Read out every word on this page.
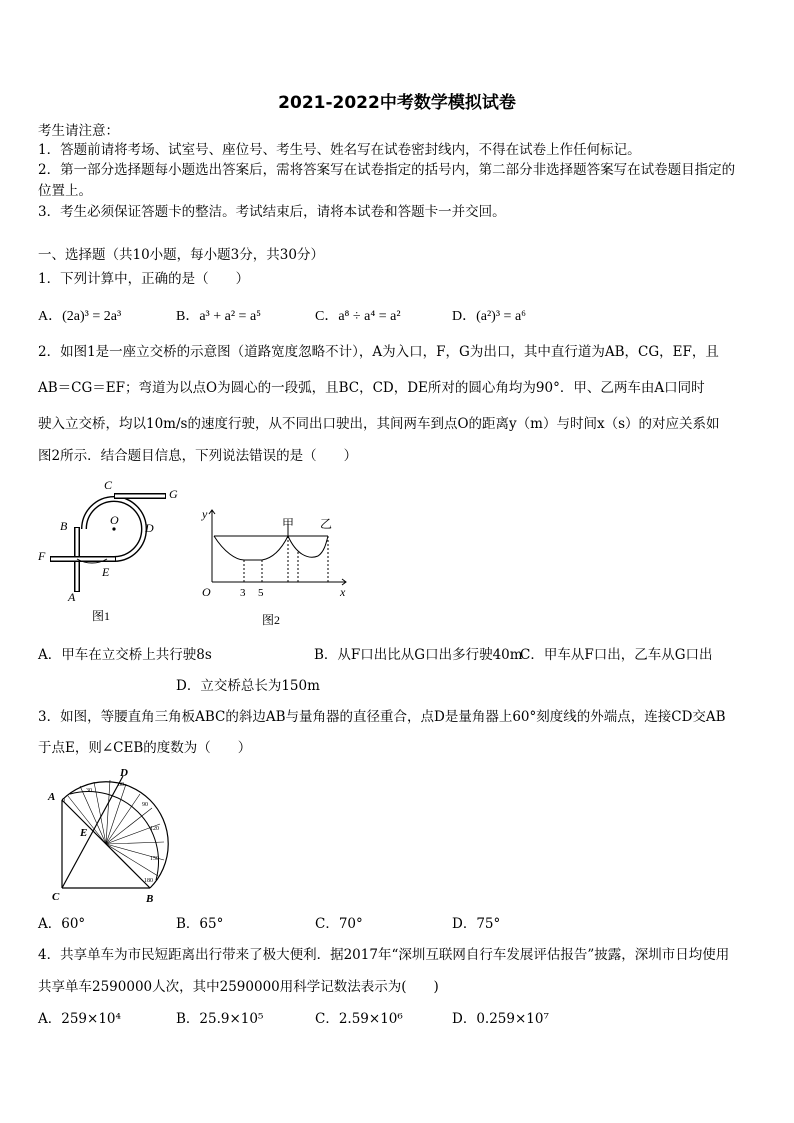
2021-2022中考数学模拟试卷
考生请注意：
1．答题前请将考场、试室号、座位号、考生号、姓名写在试卷密封线内，不得在试卷上作任何标记。
2．第一部分选择题每小题选出答案后，需将答案写在试卷指定的括号内，第二部分非选择题答案写在试卷题目指定的
位置上。
3．考生必须保证答题卡的整洁。考试结束后，请将本试卷和答题卡一并交回。
一、选择题（共10小题，每小题3分，共30分）
1．下列计算中，正确的是（　　）
A．(2a)³ = 2a³	B．a³ + a² = a⁵	C．a⁸ ÷ a⁴ = a²	D．(a²)³ = a⁶
2．如图1是一座立交桥的示意图（道路宽度忽略不计），A为入口，F，G为出口，其中直行道为AB，CG，EF，且
AB＝CG＝EF；弯道为以点O为圆心的一段弧，且BC，CD，DE所对的圆心角均为90°．甲、乙两车由A口同时
驶入立交桥，均以10m/s的速度行驶，从不同出口驶出，其间两车到点O的距离y（m）与时间x（s）的对应关系如
图2所示．结合题目信息，下列说法错误的是（　　）
C
G
O
B	D
F
E
A
图1
y
甲 乙
O	3 5	x
图2
A．甲车在立交桥上共行驶8s	B．从F口出比从G口出多行驶40m
C．甲车从F口出，乙车从G口出
D．立交桥总长为150m
3．如图，等腰直角三角板ABC的斜边AB与量角器的直径重合，点D是量角器上60°刻度线的外端点，连接CD交AB
于点E，则∠CEB的度数为（　　）
A
D
E
C	B
0
30
60
90
120
150
180
A．60°	B．65°	C．70°	D．75°
4．共享单车为市民短距离出行带来了极大便利．据2017年“深圳互联网自行车发展评估报告”披露，深圳市日均使用
共享单车2590000人次，其中2590000用科学记数法表示为(　　)
A．259×10⁴	B．25.9×10⁵	C．2.59×10⁶	D．0.259×10⁷
